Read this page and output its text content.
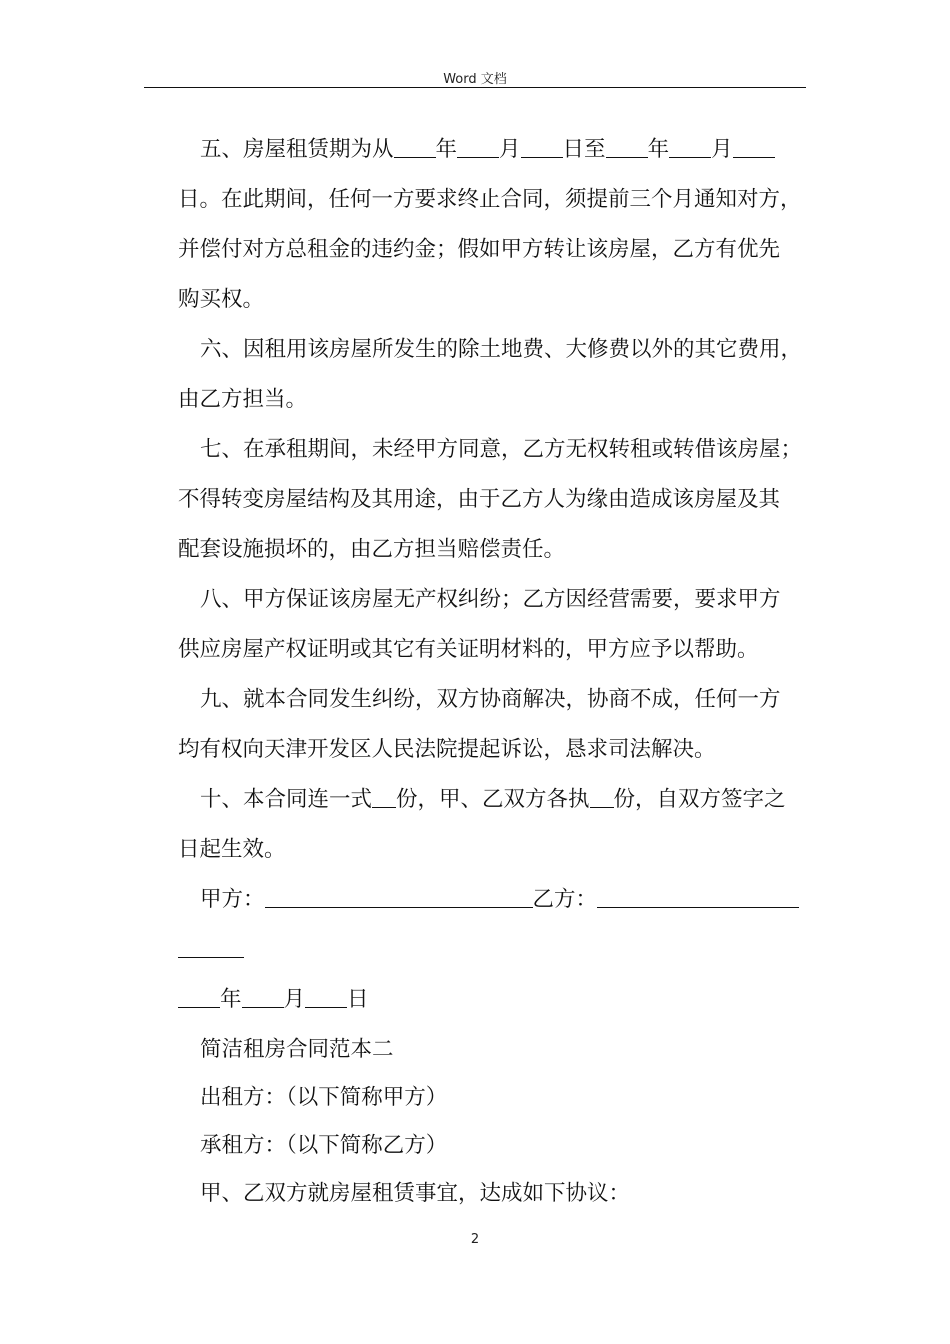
Word 文档
五、房屋租赁期为从 年 月 日至 年 月
日。在此期间，任何一方要求终止合同，须提前三个月通知对方，
并偿付对方总租金的违约金；假如甲方转让该房屋，乙方有优先
购买权。
六、因租用该房屋所发生的除土地费、大修费以外的其它费用，
由乙方担当。
七、在承租期间，未经甲方同意，乙方无权转租或转借该房屋；
不得转变房屋结构及其用途，由于乙方人为缘由造成该房屋及其
配套设施损坏的，由乙方担当赔偿责任。
八、甲方保证该房屋无产权纠纷；乙方因经营需要，要求甲方
供应房屋产权证明或其它有关证明材料的，甲方应予以帮助。
九、就本合同发生纠纷，双方协商解决，协商不成，任何一方
均有权向天津开发区人民法院提起诉讼，恳求司法解决。
十、本合同连一式 份，甲、乙双方各执 份，自双方签字之
日起生效。
甲方：	乙方：
年 月 日
简洁租房合同范本二
出租方：（以下简称甲方）
承租方：（以下简称乙方）
甲、乙双方就房屋租赁事宜，达成如下协议：
2
